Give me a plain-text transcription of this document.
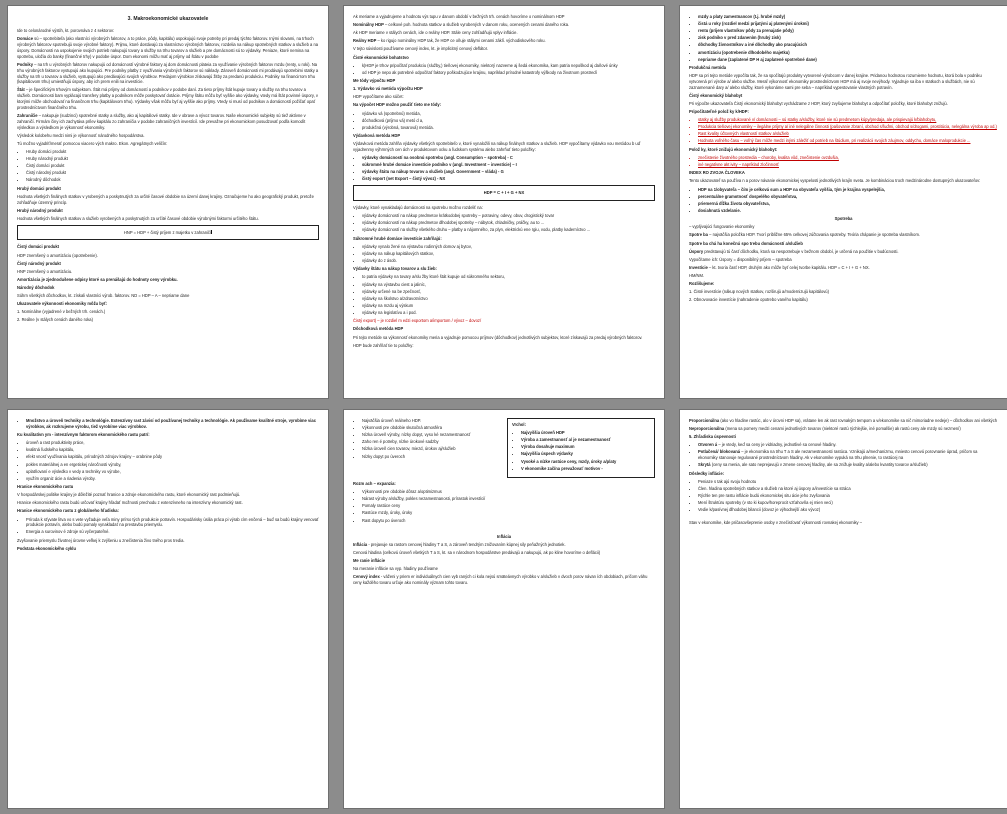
3. Makroekonomické ukazovatele

Ide to celonárodné výstih, kt. porovnáva z 4 sektorov:

Domáce sú – spotrebiteľa (ako vlastníci výrobných faktorov, a to práce, pôdy, kapitálu) uspokojujú svoje potreby pri predaj týchto faktorov. Inými slovami, na trhoch výrobných faktorov spotrebujú svoje výrobné faktory). Prijmu, ktoré dostávajú za vlastníctvo výrobných faktorov, rozdelia na nákup spotrebných statkov a služieb a na úspory. Domácnosti na uspokojenie svojich potrieb nakupujú tovary a služby na trhu tovarov a služieb a pre domácnosti sú to výdavky. Peniaze, ktoré nemina na spotrebu, uložia do banky (finančné trhy) v podobe úspor. Dom ekonomi môžu mať aj príjmy od štátu v podobe

Podniky – na trh u výrobných faktorov nakupujú od domácností výrobné faktory aj dom domácnosti plateia za využívanie výrobných faktorov mzdu (renty, u roki). Na trhu výrobných faktorov vystupujú ako kupujúci. Pre podniky platby z využívania výrobných faktorov sú náklady. Zároveň domácnosti mi prodávajú spotrebimi statky a služby na trh u tovarov a služieb, vystupujú ako predávajúci svojich výrobkov. Predajom výrobkov získavajú žitby za predanú produkciu. Podniky na financirrom trhu (kapitálovom trhu) umiestňujú úspory, aby ich prem enili na investície.

Štát – je špecifickým trhovým subjektom. Štát má príjmy od domácností a podnikov v podobe daní. Za tieto príjmy štát kupuje tovary a služby na trhu tovarov a služieb. Domácnosti bam vyplácajú transfery platby a podnikom môže poskytovať dotácie. Príjmy štátu môžu byť vyššie ako výdavky, vtedy má štát povinné úspory, v ktorými môže obchodovať na finančnom trhu (kapitálovom trhu). Výdavky však môžu byť aj vyššie ako príjmy. Vtedy si musí od podnikov a domácností požičať opať prostredníctvom finančného trhu.

Zahraničie – nakupuje (sudzinci) spotrebné statky a služby, ako aj kapitálové statky. Ide v obrave a vývoz tovarov. Naše ekonomické subjekty sú tiež aktívne v zahraničí. Firmám činy ich zachytáva prílev kapitálu zo zahraničia v podobe zahraničných investícií. Ide prevažne pri ekonomickom posudzovať podľa komodít výsledkov a výsledkom je výkonnosť ekonomiky.

Výsledok kolobehu medzi nimi je výkonnosť národného hospodárstva.

Tú možno vyjadriť/merať pomocou viacero vých makro. Ekon. Agregátnych veličín:

• Hruby domáci produkt
• Hruby národný produkt
• Čistý domáci produkt
• Čistý národný produkt
• Národný dôchodok

Hrubý domáci produkt

Hodnota všetkých finálnych statkov v yrobených a poskytnutých za určité časové obdobie na území danej krajiny. Označujeme ho ako geografický produkt, pretože zohľadňuje územný princíp.

Hrubý národný produkt

Hodnota všetkých finálnych statkov a služieb vyrobených a poskytnutých za určité časové obdobie výrobnými faktormi určitého štátu.

HNP = HDP + čistý príjem z majetku v zahraničí

Čistý domáci produkt

HDP znemšený o amortizáciu (opotrebenie).

Čistý národný produkt

HNP znemšený o amortizáciu.

Amortizácia je zjednodušene odpisy ktoré sa prenášajú do hodnoty ceny výrobku.

Národný dôchodok

Súhrn všetkých dôchodkov, kt. získali vlastníci výrob. faktorov. ND = HDP – A – nepriame dane

Ukazovatele výkonnosti ekonomiky môžu byť:

1. Nominálne (vyjadrené v bežných trh. cenách.)

2. Reálne (v stálych cenách daného roka)

Ak meriame a vyjadrujeme a hodnotu výs tupu v danom období v bežných trh. cenách hovoríme o nominálnom HDP

Nominálny HDP – celkové poh. hodnota statkov a služieb vyrobených v danom roku, ocenených cenami daného roka.

Ak HDP meriame v stálych cenách, ide o reálny HDP. Stále ceny zohľadňujú vplyv inflácie.

Reálny HDP – ko rigujo nominálny HDP tak, že HDP ce oňuje stálymi cenami záklí. východiskového roku.

V tejto súvislosti používame cenový index, kt. je implicitný cenový deflátor.

Čisté ekonomické bohatstvo

• k)HDP je trhov pripočítať produkciu (služby,) tieňovej ekonomiky, niektorý nazveme aj šedá ekonomika, kam patria nepoškod aj daňové únky
• od HDP je nepo ak potrebné odpočítať faktory poškodzujúce krajinu, napríklad prírodné katastrofy výškody na životnom prostredí

Me tódy výpočtu HDP

1. Výdavko vá metóda výpočtu HDP

HDP vypočítame ako súčet:

Na výpočet HDP možno použiť tieto me tódy:

• výdavko vá (spotrebnú) metóda,
• dôchodková (príjmo vá) metó d a,
• produkčná (výrobná, tovarová) metóda.

Výdavková metóda HDP

Výdavková metóda zahŕňa výdavky všetkých spotrebiteľo v, ktoré vynaložili na nákup finálnych statkov a služieb. HDP vypočítamy výdavko vou metódou b uď vyjadrenmy výhrnných cen ách v produktovom ocku a ľudskom systému alebo zahrňuť tieto položky:

• výdavky domácností na osobnú spotrebu (angl. Consumption – spotreba) - C
• súkromné hrubé domáce investície podniko v (angl. Investment – investície) – I
• výdavky štátu na nákup tovarov a služieb (angl. Government – vláda) - G
• čistý export (net Export – čistý vývoz) - NX
HDP = C + I + G + NX

Výdavky, ktoré vynakladajú domácnosti na spotrebu možno rozdeliť na:

• výdavky domácností na nákup predmetov krátkodobej spotreby – potraviny, odevy, obuv, drogistický tovar
• výdavky domácností na nákup predmetov dlhodobej spotreby – nábytok, chladničky, práčky, au to ...
• výdavky domácností na služby všetkého druhu – platby a nájomného, za plyn, elektrickú ene rgiu, vodu, platby kaderníctvo ...

Súkromné hrubé domáce investície zahŕňajú:

• výdavky vynalo žené na výstavbu rodinných domov aj bytov,
• výdavky na nákup kapitálových statkov,
• výdavky do z ásob.

Výdavky štátu na nákup tovarov a slu žieb:

• to patria výdavky na tovary a/slu žby ktoré štát kupuje od súkromného sektoru,
• výdavky na výstavbu ciest a jaliníc,
• výdavky určené na be zpečnosť,
• výdavky na školstvo a/zdravotníctvo
• výdavky na mzdu aj výskum
• výdavky na legislatívu a i pod.

Čistý export) – je rozdiel m edzi exportom a/importom / vývoz – dovoz/

Dôchodková metóda HDP

Pri tejto metóde sa výkonnosť ekonomiky meria a vyjadruje pomocou príjmov (dôchodkov) jednotlivých subjektov, ktoré získavajú za predaj výrobných faktorov.

HDP bude zahŕňať tie to položky:

• mzdy a platy zamestnancov (t.j. hrubé mzdy)
• čistá u roky (rozdiel medzi prijatými aj platenými úrokmi)
• rentu (príjem vlastníkov pôdy za prenajatie pôdy)
• zisk podniko v pred zdanením (hrubý zisk)
• dôchodky živnostníkov a iné dôchodky ako pracujúcich
• amortizáciu (opotrebenie dlhodobého majetku)
• nepriame dane (zaplatené DP H aj zaplatené spotrebné dane)

Produkčná metóda

HDP sa pri tejto metóde vypočíta tak, že sa spočítajú produkty vytvorené výrobcom v danej krajine. Pridanou hodnotou rozumieme hodnotu, ktorá bola v podniku vytvorená pri výrobe a/ alebo službe. Meraľ výkonnosť ekonomiky prostredníctvom HDP má aj svoje nevýhody. Vyjadruje sa iba v statkoch a službách, nie sú zaznamenané dary a/ alebo služby, ktoré vykonáme sami pre seba – napríklad vypestovanie vlastných potravín.

Čistý ekonomický blahobyt

Pri výpočte ukazovateľa Čistý ekonomický blahobyt vychádzame z HDP, ktorý zvyšujeme blahobyt a odpočítať položky, ktoré blahobyt znižujú.

Pripočítateľné polož ky k/HDP:

• statky aj služby produkované v/ domácnosti – sú statky a/služby, ktoré nie sú predmetom kúpy/predaja, ale prispievajú k/blahobytu,
• Produkcia tieňovej ekonomiky – ilegálne príjmy a/ iné nelegálne činnosti (pašovanie zbraní, obchod s/ľuďmi, obchod s/drogami, prostitúcia, nelegálna výroba ap od.)
• Rast kvality účtovných vlastností statkov a/služieb
• Hodnota voľného času – voľný čas môže medzi inými záležiť od potrieb na štúdium, pri realizácii svojich záujmov, oddychu, domáce maloprodukcie ...

Polož ky, ktoré znižujú ekonomický blahobyt:

• znečistenie životného prostredia – choroby, kvalita vôd, znečistenie ovzdušia,
• iné negatívne akt ivity – napríklad zločinnosť

INDEX RO ZVOJA ČLOVEKA

Tento ukazovateľ sa používa n a porov návanie ekonomickej vyspelosti jednotlivých krajín sveta. Je kombináciou troch medzinárodne dostupných ukazovateľov:

• HDP na 1/obyvateľa – čím je celková sum a HDP na obyvateľa vyššia, tým je krajina vyspelejšia,
• percentuálne gramotnosť dospelého obyvateľstva,
• priemerná dĺžka života obyvateľstva,
• dosiahnutá vzdelanie.

Spotreba

– vyplývajúci fungovanie ekonomiky

Spotre ba – najväčšia položka HDP. Tvorí približne 65% celkovej zúčtovania spotreby. Teória chápanie je spotreba vlastníkom.

Spotre ba chá ha konečnú spo trebu domácností a/služieb

Úspory predstavujú tú časť dôchodku, ktorá sa nespotrebuje v bežnom období, je určená na použitie v budúcnosti.

Vypočítame ich: Úspory = disponibilný príjem – spotreba

Investície – kt. tvoria časť HDP, druhým ako môže byť celej tvorbe kapitálu. HDP = C + I + G + NX.

HM/NM.

Rozlišujeme:

1. Čisté investície (nákup nových statkov, rozširujú a/modernizujú kapitálovú)

2. Obnovovacie investície (nahradenie opotrebo vaného kapitálu)

• Množstvo a úroveň techniky a technológie. Extenzívny rast závisí od používanej techniky a technológie. Ak používame kvalitné stroje, vyrobíme viac výrobkov, ak rozkrujeme výrobu, tiež vyrobíme viac výrobkov.

Ku kvalitatívn ym - intenzívnym faktorom ekonomického rastu patrí:

• úroveň a rast produktivity práce,
• kvalitná ľudského kapitálu,
• efekt vnosť využívania kapitálu, prírodných zdrojov krajiny – orabnine pôdy
• pokles materiálnej a en ergetickej náročnosti výroby,
• uplatňovaní e výsledko v vedy a techniky vo výrobe,
• využím organiz ácie a riadenia výroby.

Hranice ekonomického rastu

V hospodárskej politike krajiny je dôležité poznať hranice a zdroje ekonomického rastu, ktoré ekonomický rast podmieňujú.

Hranice ekonomického rastu budú určovať krajiny hľadať možnosti prechodu z extenzívneho na intenzívny ekonomický rast.

Hranice ekonomického rastu z globálneho hľadiska:

• Príroda k sťyvate litva vo s vete vyžaduje veľa miny prírso tých produkcie potravín. Hospodárisky úsilia práca pi výrab cím enčená – buď sa budú krajiny venovať produkcie potravín, alebo budú pomaly vynakladať na prestavbu priemyslu.
• Energia a surovinov é zdroje sú vyčerpateľné.

Zvyšovanie priemyslu životnej úrovne veľkej k zvýšeniu u znečistenia živo tného pros tredia.

Podstata ekonomického cyklu

• Najväčšia úroveň reálneho HDP.
• Výkonnosti pre obdobie skutočná atmosféra
• Nízka úroveň výroby, nízky dopyt, vyso ké nezamestnanosť
• Zaho ren é potreby, nízke úrokové sadzby
• Nízka úroveň cien tovarov, miezd, úrokov aj/služieb
• Nízky dopyt po úveroch

Vrchol:

• Najvyššia úroveň HDP
• Výroba a zamestnanosť a/ je nezamestnanosť
• Výroba dosahuje maximum
• Najvyššia úspech výdavky
• Vysoké a nízke rastúce ceny, mzdy, úroky a/platy
• V ekonomike začína prevažovať motívov -

Rozm ach – expanzia:

• Výkonnosti pre obdobie dôraz a/optimizmus
• Nárast výroby a/služby, pokles nezamestnanosti, prírastok investícií
• Pomaly rastúce ceny
• Rastúce mzdy, úroky, úroky
• Rast dopytu po úveroch

Inflácia

Inflácia - prejavuje sa rastom cenovej hladiny T a S, a zároveň tendrým znižovaním kúpnej sily peňažných jednotiek.

Cenová hladina (celkovú úroveň všetkých T a S, kt. sa v národnom hospodárstve predávajú a nakupujú, ak po kline hovoríme o deflácii)

Me ranie inflácie

Na meranie inflácie sa vyp. hladiny používame

Cenový index - váženi y priem er individuálnych cien vyb raných ci kola nejsú smäteávnych výrobko v a/služieb v dvoch porov návan ích obdobiach, pričom váhu ceny každého tovaru určuje ako nominály význam tohto tovaru.

Proporcionálna (ako vo hladine rastúc, alo v úrovni HDP sa), vrátane len ak rast rovnakým tempom a v/ekonomike sa nič mimoriadne nedeje) – dôchodkov ani všetkých

Neproporcionálna (mena sa pomery medzi cenami jednotlivých tovarov (niektoré rastú rýchlejšie, iné pomalšie) ak rastú ceny ale mzdy sú nezmení)

5. Zhľadiska úspevnosti

• Otvoren á – je vtedy, keď sa ceny je vidriadny, jednotlivé sa cenové hladiny.
• Potlačená/ blokovaná – je ekonomika na trhu T a S ale nezamestnanosti rastúca. Vznikajú a/mechanizmu, mniesto cenovú porovnanie úprad, pričom sa ekonomiky stanovuje regulované prostredníctvom hladiny. Ak v ekonomike vypuká na trhu plnenie, to rastúcej na
• Skrytá (ceny sa menia, ale sato neprejavujú v zmene cenovej hladiny, ale sa znižuje kvality a/alebo kvantity tovarov a/služieb)

Dôsledky inflácie:

• Peniaze s tak ajú svoju hodnotu
• Člen. hladina spotrebných statkov a služieb na ktoré aj úspory a/investície sa stráca
• Rýchle ten pre rastu inflácie budú ekonomickej situ ácie jeho zvyšovania
• Mení štruktúru spotreby (v sto ki kupov/horeprocit vzťahovňa ej mien veci)
• Vedie k/pasívnej dlhodobej bilancii (dovoz je výhodnejší ako vývoz)

Stav v ekonomike, kde pričasovšeprenie osoby v znečisťovať výkonnosti rovnakej ekonomiky –
